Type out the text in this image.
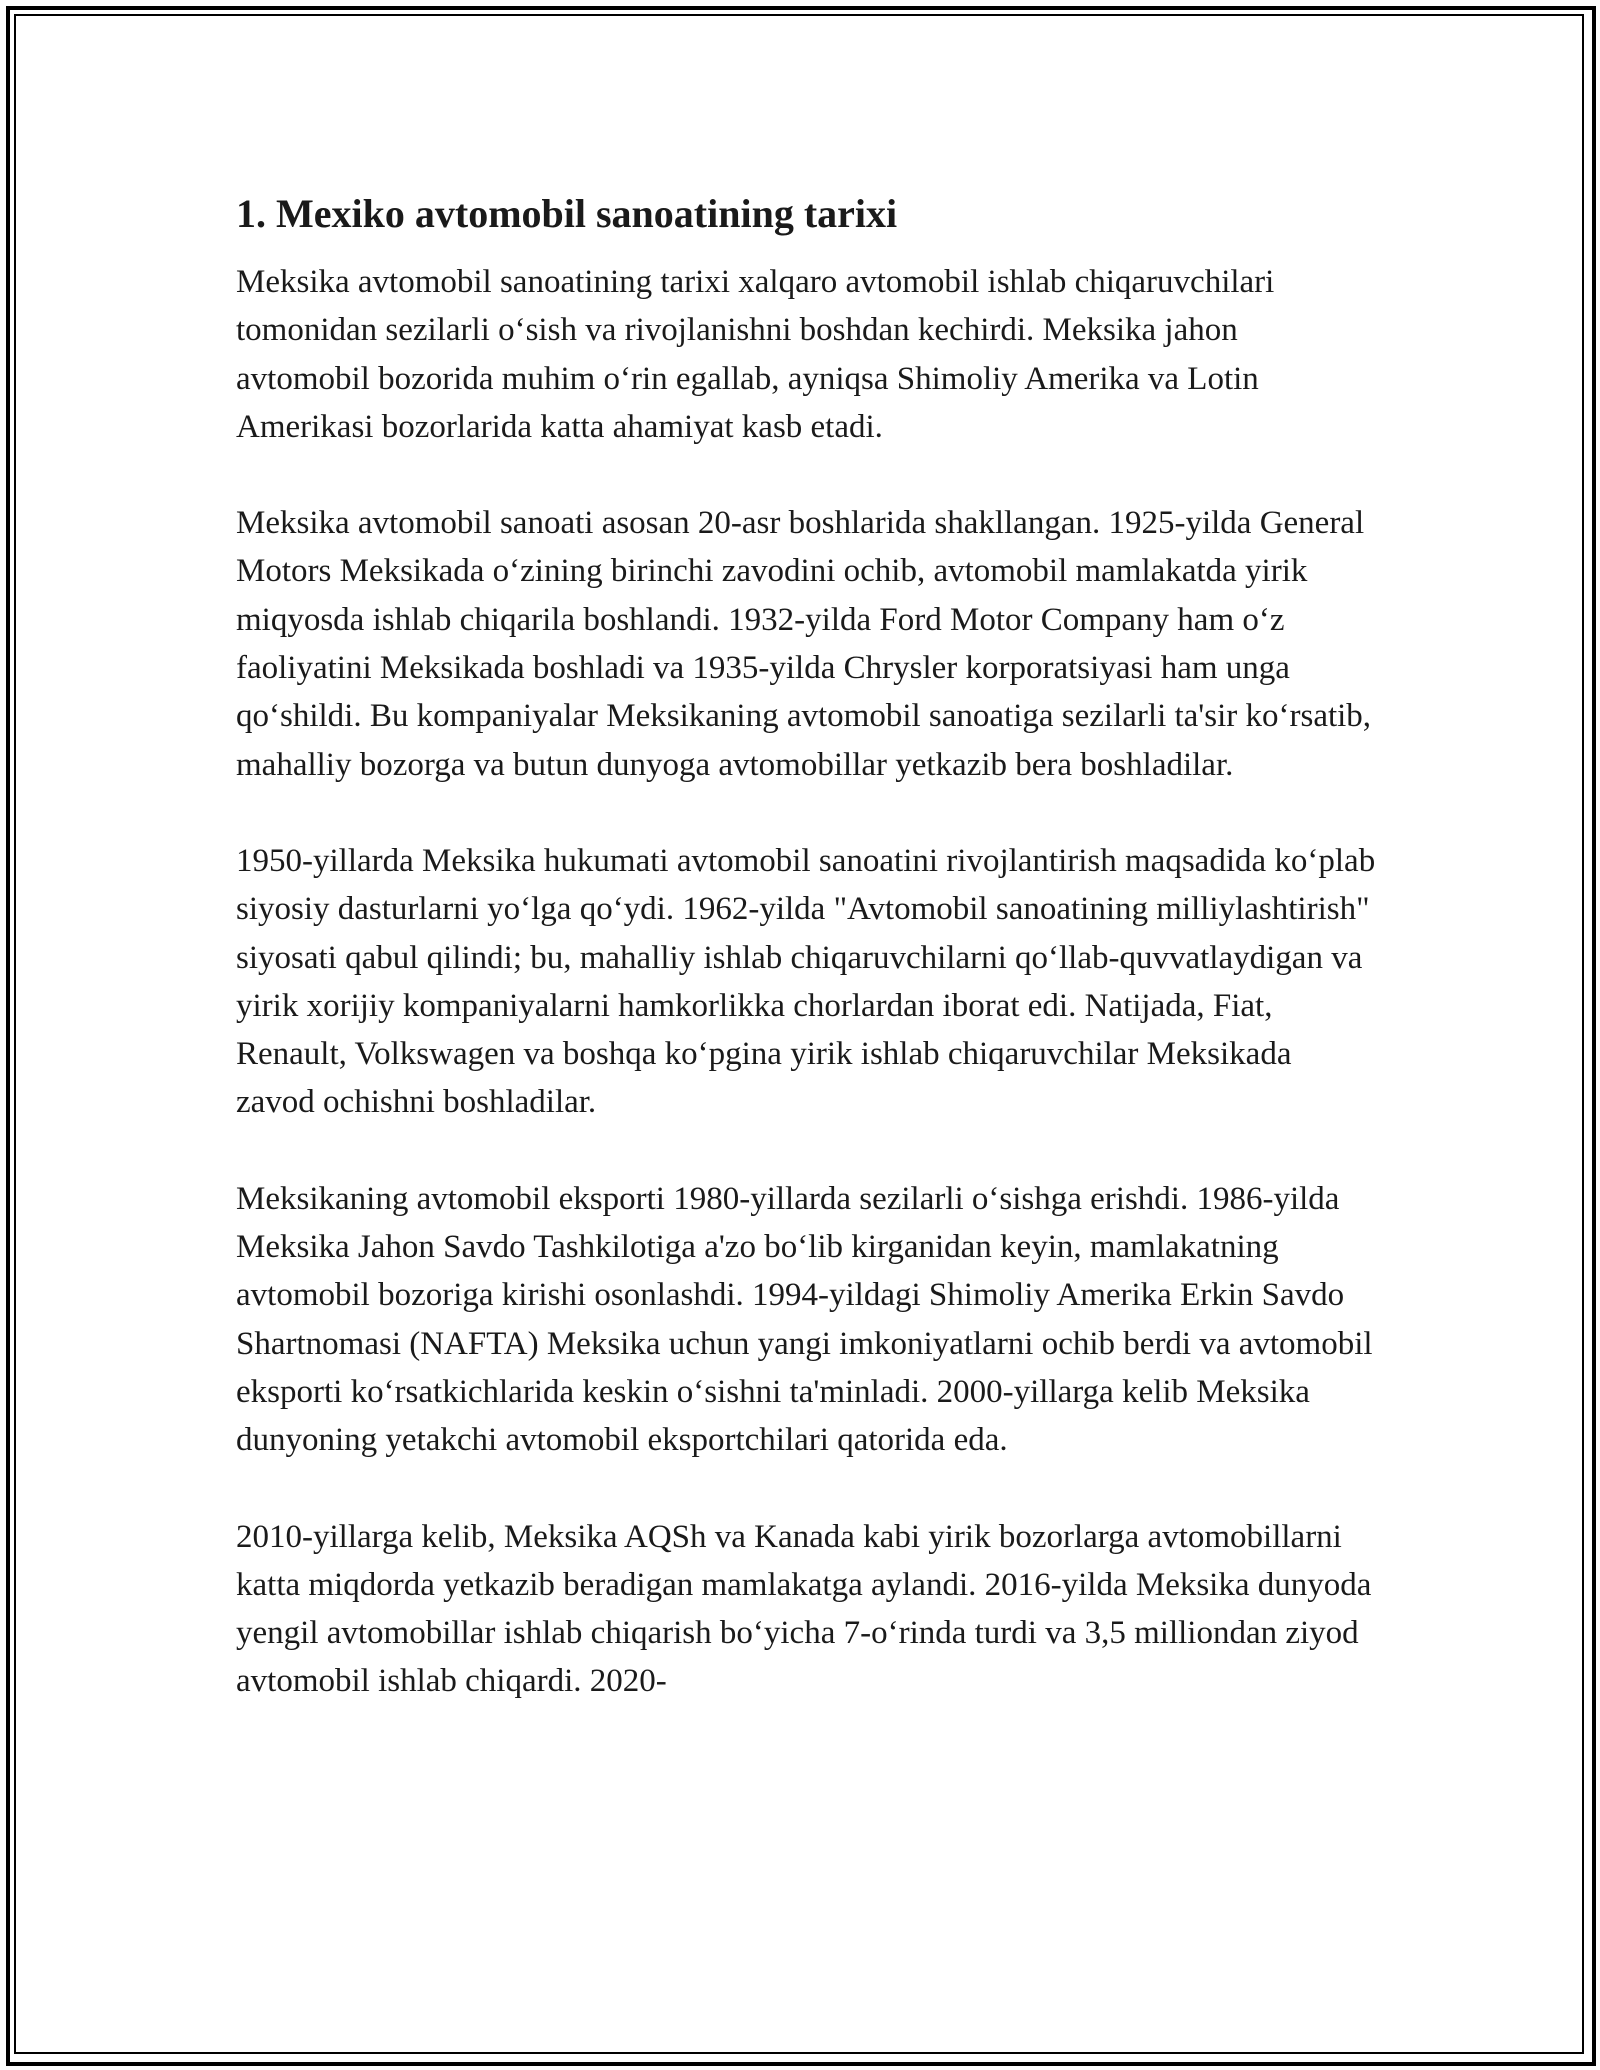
1. Mexiko avtomobil sanoatining tarixi

Meksika avtomobil sanoatining tarixi xalqaro avtomobil ishlab chiqaruvchilari tomonidan sezilarli oʻsish va rivojlanishni boshdan kechirdi. Meksika jahon avtomobil bozorida muhim oʻrin egallab, ayniqsa Shimoliy Amerika va Lotin Amerikasi bozorlarida katta ahamiyat kasb etadi.

Meksika avtomobil sanoati asosan 20-asr boshlarida shakllangan. 1925-yilda General Motors Meksikada oʻzining birinchi zavodini ochib, avtomobil mamlakatda yirik miqyosda ishlab chiqarila boshlandi. 1932-yilda Ford Motor Company ham oʻz faoliyatini Meksikada boshladi va 1935-yilda Chrysler korporatsiyasi ham unga qoʻshildi. Bu kompaniyalar Meksikaning avtomobil sanoatiga sezilarli ta'sir koʻrsatib, mahalliy bozorga va butun dunyoga avtomobillar yetkazib bera boshladilar.

1950-yillarda Meksika hukumati avtomobil sanoatini rivojlantirish maqsadida koʻplab siyosiy dasturlarni yoʻlga qoʻydi. 1962-yilda "Avtomobil sanoatining milliylashtirish" siyosati qabul qilindi; bu, mahalliy ishlab chiqaruvchilarni qoʻllab-quvvatlaydigan va yirik xorijiy kompaniyalarni hamkorlikka chorlardan iborat edi. Natijada, Fiat, Renault, Volkswagen va boshqa koʻpgina yirik ishlab chiqaruvchilar Meksikada zavod ochishni boshladilar.

Meksikaning avtomobil eksporti 1980-yillarda sezilarli oʻsishga erishdi. 1986-yilda Meksika Jahon Savdo Tashkilotiga a'zo boʻlib kirganidan keyin, mamlakatning avtomobil bozoriga kirishi osonlashdi. 1994-yildagi Shimoliy Amerika Erkin Savdo Shartnomasi (NAFTA) Meksika uchun yangi imkoniyatlarni ochib berdi va avtomobil eksporti koʻrsatkichlarida keskin oʻsishni ta'minladi. 2000-yillarga kelib Meksika dunyoning yetakchi avtomobil eksportchilari qatorida eda.

2010-yillarga kelib, Meksika AQSh va Kanada kabi yirik bozorlarga avtomobillarni katta miqdorda yetkazib beradigan mamlakatga aylandi. 2016-yilda Meksika dunyoda yengil avtomobillar ishlab chiqarish boʻyicha 7-oʻrinda turdi va 3,5 milliondan ziyod avtomobil ishlab chiqardi. 2020-
